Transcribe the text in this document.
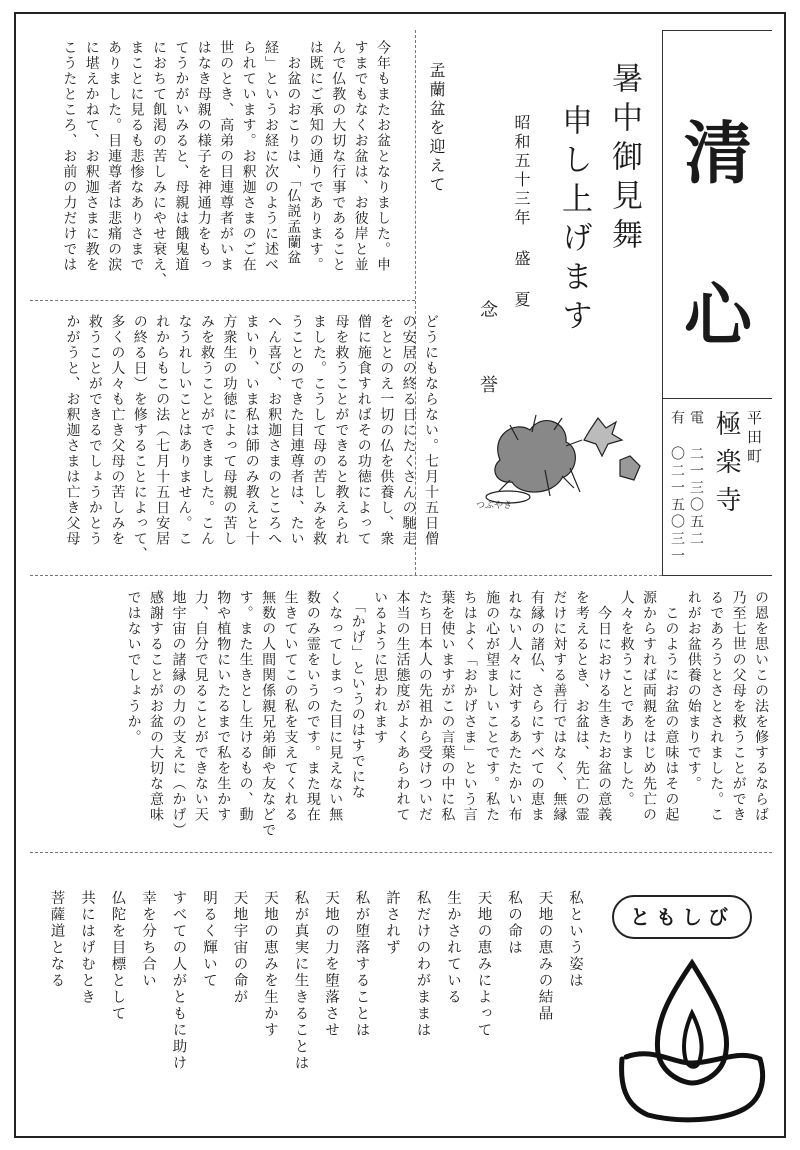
清
心
平田町
極楽寺
電 二一三〇五二
有 〇二一五〇三一
暑中御見舞
申し上げます
昭和五十三年 盛 夏
念 誉
つぶやき
孟蘭盆を迎えて
今年もまたお盆となりました。申
すまでもなくお盆は、お彼岸と並
んで仏教の大切な行事であること
は既にご承知の通りであります。
　お盆のおこりは、「仏説孟蘭盆
経」というお経に次のように述べ
られています。お釈迦さまのご在
世のとき、高弟の目連尊者がいま
はなき母親の様子を神通力をもっ
てうかがいみると、母親は餓鬼道
におちて飢渇の苦しみにやせ衰え、
まことに見るも悲惨なありさまで
ありました。目連尊者は悲痛の涙
に堪えかねて、お釈迦さまに教を
こうたところ、お前の力だけでは
どうにもならない。七月十五日僧
の安居の終る日にたくさんの馳走
をととのえ一切の仏を供養し、衆
僧に施食すればその功徳によって
母を救うことができると教えられ
ました。こうして母の苦しみを救
うことのできた目連尊者は、たい
へん喜び、お釈迦さまのところへ
まいり、いま私は師のみ教えと十
方衆生の功徳によって母親の苦し
みを救うことができました。こん
なうれしいことはありません。こ
れからもこの法（七月十五日安居
の終る日）を修することによって、
多くの人々も亡き父母の苦しみを
救うことができるでしょうかとう
かがうと、お釈迦さまは亡き父母
の恩を思いこの法を修するならば
乃至七世の父母を救うことができ
るであろうとさとされました。こ
れがお盆供養の始まりです。
　このようにお盆の意味はその起
源からすれば両親をはじめ先亡の
人々を救うことでありました。
　今日における生きたお盆の意義
を考えるとき、お盆は、先亡の霊
だけに対する善行ではなく、無縁
有縁の諸仏、さらにすべての恵ま
れない人々に対するあたたかい布
施の心が望ましいことです。私た
ちはよく「おかげさま」という言
葉を使いますがこの言葉の中に私
たち日本人の先祖から受けついだ
本当の生活態度がよくあらわれて
いるように思われます
　「かげ」というのはすでにな
くなってしまった目に見えない無
数のみ霊をいうのです。また現在
生きていてこの私を支えてくれる
無数の人間関係親兄弟師や友などで
す。また生きとし生けるもの、動
物や植物にいたるまで私を生かす
力、自分で見ることができない天
地宇宙の諸縁の力の支えに（かげ）
感謝することがお盆の大切な意味
ではないでしょうか。
ともしび
私という姿は
天地の恵みの結晶
私の命は
天地の恵みによって
生かされている
私だけのわがままは
許されず
私が堕落することは
天地の力を堕落させ
私が真実に生きることは
天地の恵みを生かす
天地宇宙の命が
明るく輝いて
すべての人がともに助け
幸を分ち合い
仏陀を目標として
共にはげむとき
菩薩道となる
